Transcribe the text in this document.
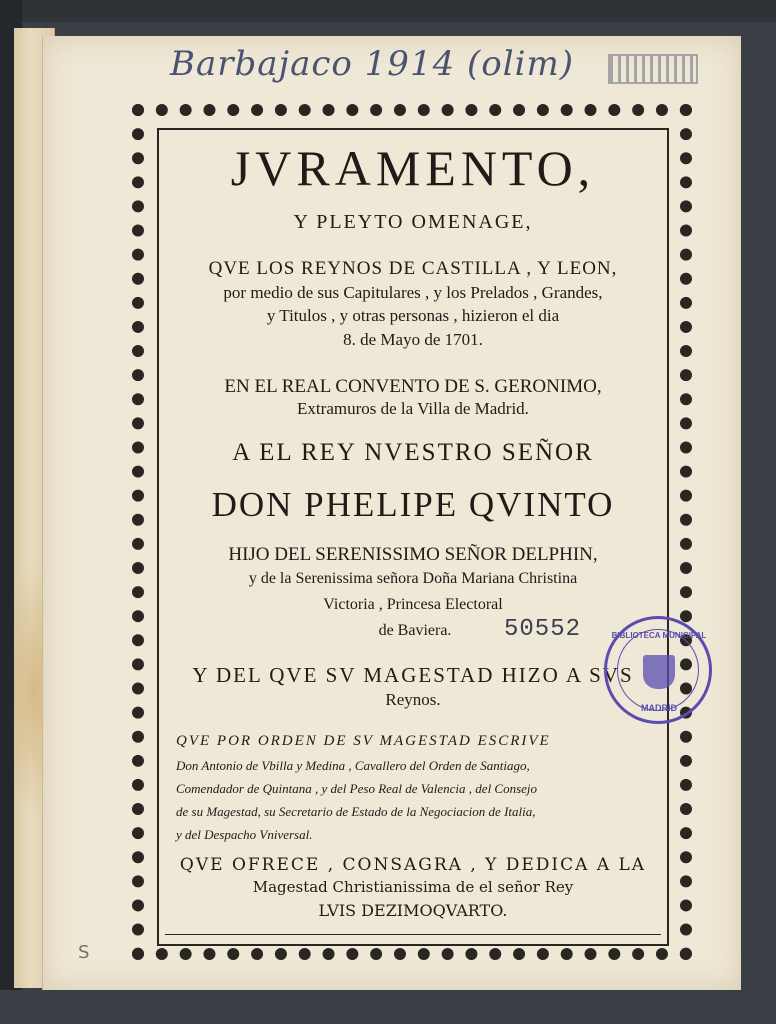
Barbajaco 1914 (olim)
JVRAMENTO,
Y PLEYTO OMENAGE,
QVE LOS REYNOS DE CASTILLA , Y LEON,
por medio de sus Capitulares , y los Prelados , Grandes,
y Titulos , y otras personas , hizieron el dia
8. de Mayo de 1701.
EN EL REAL CONVENTO DE S. GERONIMO,
Extramuros de la Villa de Madrid.
A EL REY NVESTRO SEÑOR
DON PHELIPE QVINTO
HIJO DEL SERENISSIMO SEÑOR DELPHIN,
y de la Serenissima señora Doña Mariana Christina
Victoria , Princesa Electoral
de Baviera.	50552
Y DEL QVE SV MAGESTAD HIZO A SVS
Reynos.
QVE POR ORDEN DE SV MAGESTAD ESCRIVE
Don Antonio de Vbilla y Medina , Cavallero del Orden de Santiago,
Comendador de Quintana , y del Peso Real de Valencia , del Consejo
de su Magestad, su Secretario de Estado de la Negociacion de Italia,
y del Despacho Vniversal.
QVE OFRECE , CONSAGRA , Y DEDICA A LA
Magestad Christianissima de el señor Rey
LVIS DEZIMOQVARTO.
BIBLIOTECA MUNICIPAL
MADRID
S
